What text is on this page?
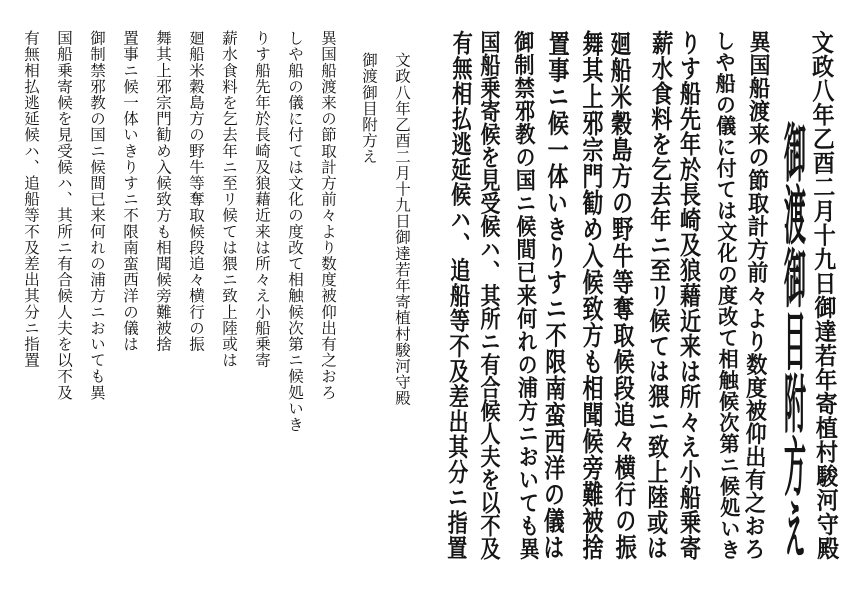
文政八年乙酉二月十九日御達若年寄植村駿河守殿
御渡御目附方え
異国船渡来の節取計方前々より数度被仰出有之おろ
しや船の儀に付ては文化の度改て相触候次第ニ候処いき
りす船先年於長崎及狼藉近来は所々え小船乗寄
薪水食料を乞去年ニ至リ候ては猥ニ致上陸或は
廻船米穀島方の野牛等奪取候段追々横行の振
舞其上邪宗門勧め入候致方も相聞候旁難被捨
置事ニ候一体いきりすニ不限南蛮西洋の儀は
御制禁邪教の国ニ候間已来何れの浦方ニおいても異
国船乗寄候を見受候ハ、其所ニ有合候人夫を以不及
有無相払逃延候ハ、追船等不及差出其分ニ指置	文政八年乙酉二月十九日御達若年寄植村駿河守殿
御渡御目附方え
異国船渡来の節取計方前々より数度被仰出有之おろ
しや船の儀に付ては文化の度改て相触候次第ニ候処いき
りす船先年於長崎及狼藉近来は所々え小船乗寄
薪水食料を乞去年ニ至リ候ては猥ニ致上陸或は
廻船米穀島方の野牛等奪取候段追々横行の振
舞其上邪宗門勧め入候致方も相聞候旁難被捨
置事ニ候一体いきりすニ不限南蛮西洋の儀は
御制禁邪教の国ニ候間已来何れの浦方ニおいても異
国船乗寄候を見受候ハ、其所ニ有合候人夫を以不及
有無相払逃延候ハ、追船等不及差出其分ニ指置
